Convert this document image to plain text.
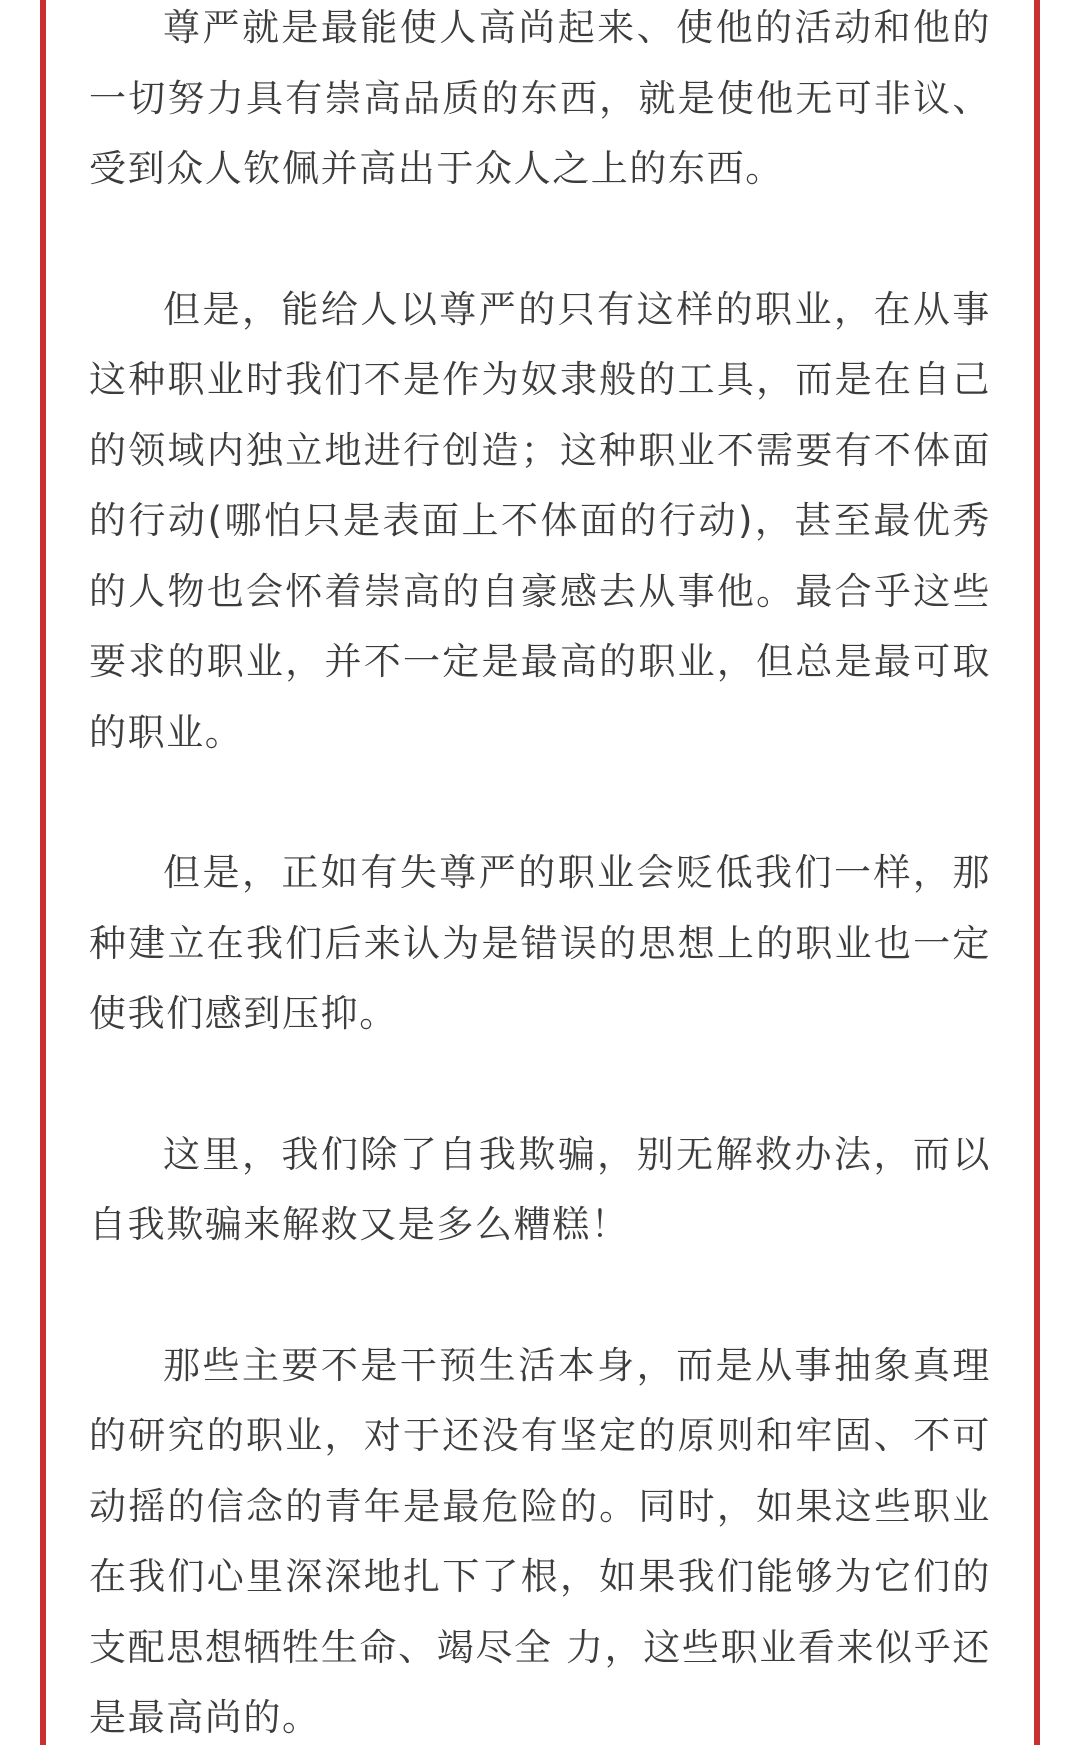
尊严就是最能使人高尚起来、使他的活动和他的一切努力具有崇高品质的东西，就是使他无可非议、受到众人钦佩并高出于众人之上的东西。

但是，能给人以尊严的只有这样的职业，在从事这种职业时我们不是作为奴隶般的工具，而是在自己的领域内独立地进行创造；这种职业不需要有不体面的行动(哪怕只是表面上不体面的行动)，甚至最优秀的人物也会怀着崇高的自豪感去从事他。最合乎这些要求的职业，并不一定是最高的职业，但总是最可取的职业。

但是，正如有失尊严的职业会贬低我们一样，那种建立在我们后来认为是错误的思想上的职业也一定使我们感到压抑。

这里，我们除了自我欺骗，别无解救办法，而以自我欺骗来解救又是多么糟糕！

那些主要不是干预生活本身，而是从事抽象真理的研究的职业，对于还没有坚定的原则和牢固、不可动摇的信念的青年是最危险的。同时，如果这些职业在我们心里深深地扎下了根，如果我们能够为它们的支配思想牺牲生命、竭尽全 力，这些职业看来似乎还是最高尚的。
